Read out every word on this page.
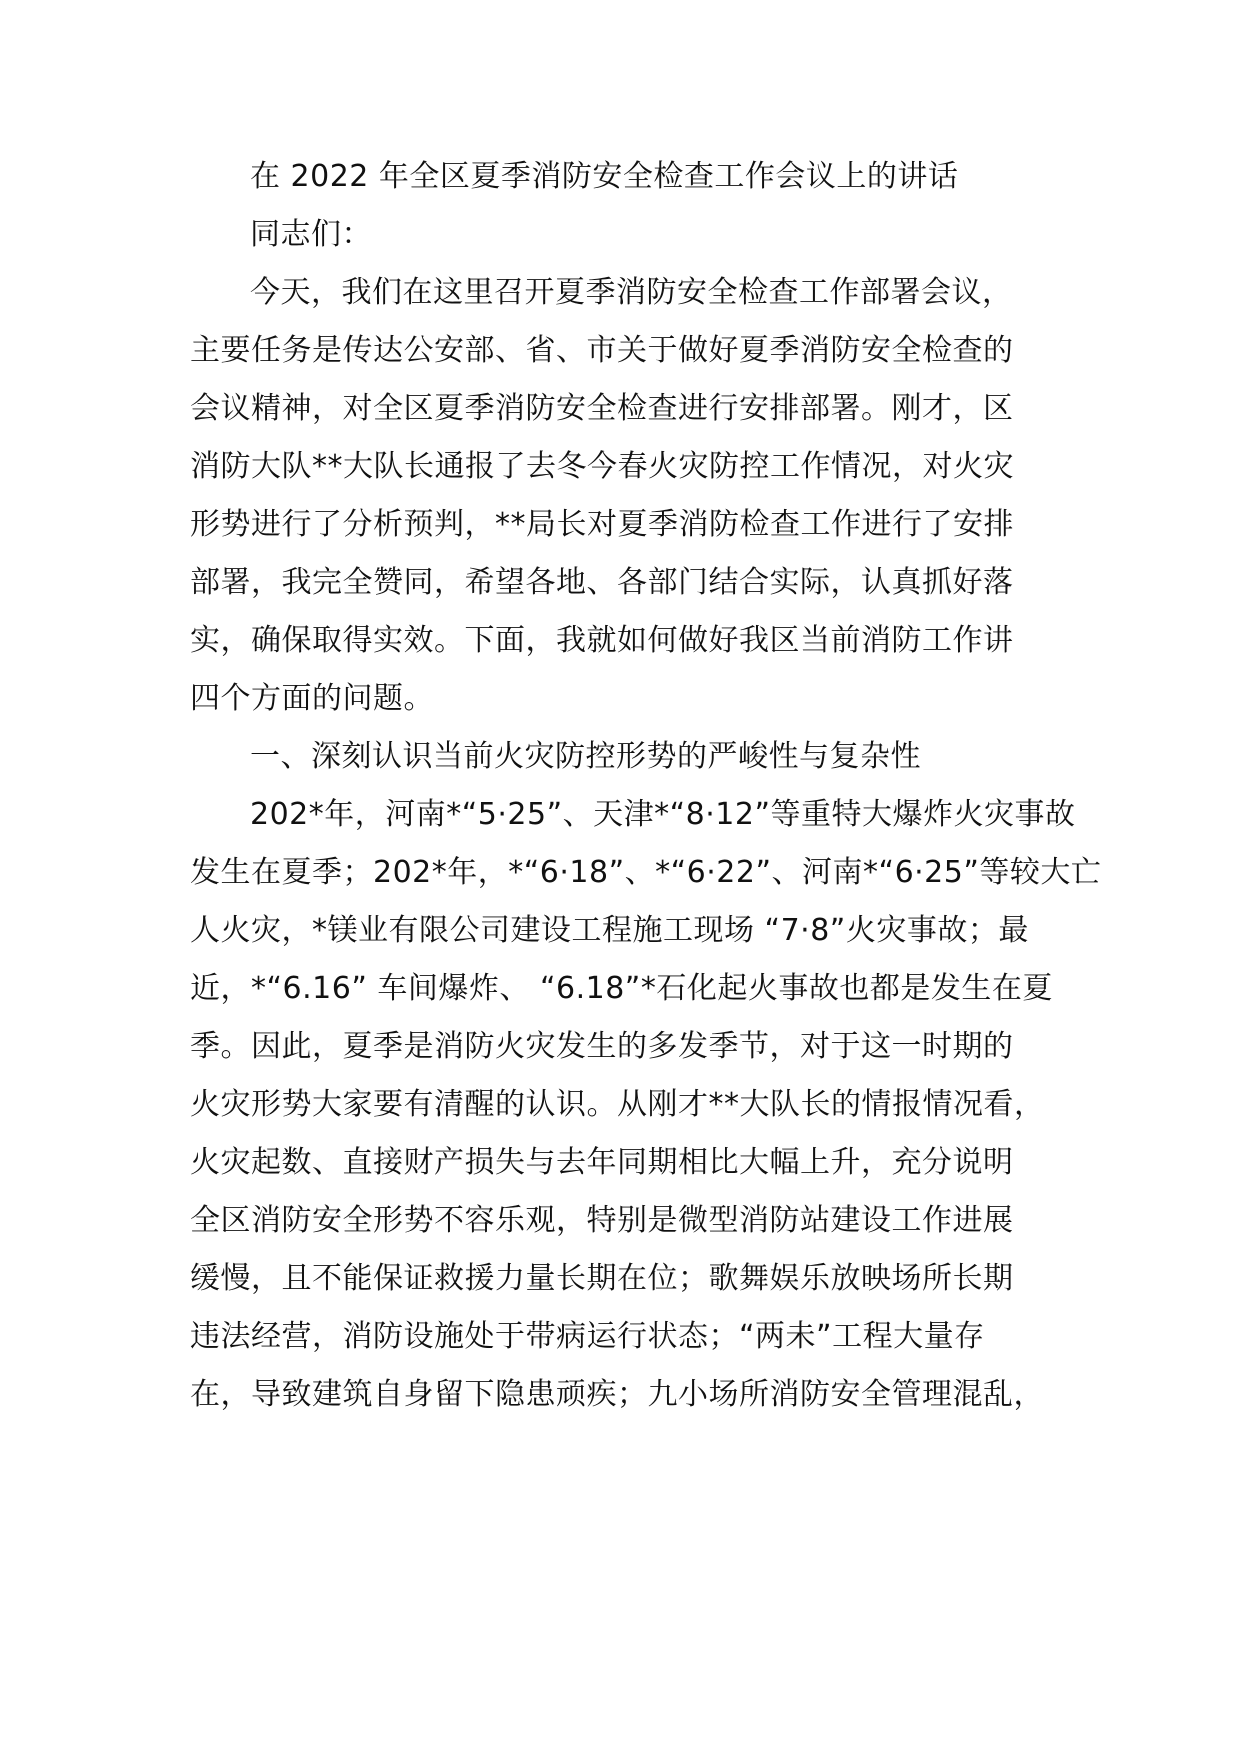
在 2022 年全区夏季消防安全检查工作会议上的讲话
同志们：
今天，我们在这里召开夏季消防安全检查工作部署会议，
主要任务是传达公安部、省、市关于做好夏季消防安全检查的
会议精神，对全区夏季消防安全检查进行安排部署。刚才，区
消防大队**大队长通报了去冬今春火灾防控工作情况，对火灾
形势进行了分析预判，**局长对夏季消防检查工作进行了安排
部署，我完全赞同，希望各地、各部门结合实际，认真抓好落
实，确保取得实效。下面，我就如何做好我区当前消防工作讲
四个方面的问题。
一、深刻认识当前火灾防控形势的严峻性与复杂性
202*年，河南*“5·25”、天津*“8·12”等重特大爆炸火灾事故
发生在夏季；202*年，*“6·18”、*“6·22”、河南*“6·25”等较大亡
人火灾，*镁业有限公司建设工程施工现场 “7·8”火灾事故；最
近，*“6.16” 车间爆炸、 “6.18”*石化起火事故也都是发生在夏
季。因此，夏季是消防火灾发生的多发季节，对于这一时期的
火灾形势大家要有清醒的认识。从刚才**大队长的情报情况看，
火灾起数、直接财产损失与去年同期相比大幅上升，充分说明
全区消防安全形势不容乐观，特别是微型消防站建设工作进展
缓慢，且不能保证救援力量长期在位；歌舞娱乐放映场所长期
违法经营，消防设施处于带病运行状态；“两未”工程大量存
在，导致建筑自身留下隐患顽疾；九小场所消防安全管理混乱，
